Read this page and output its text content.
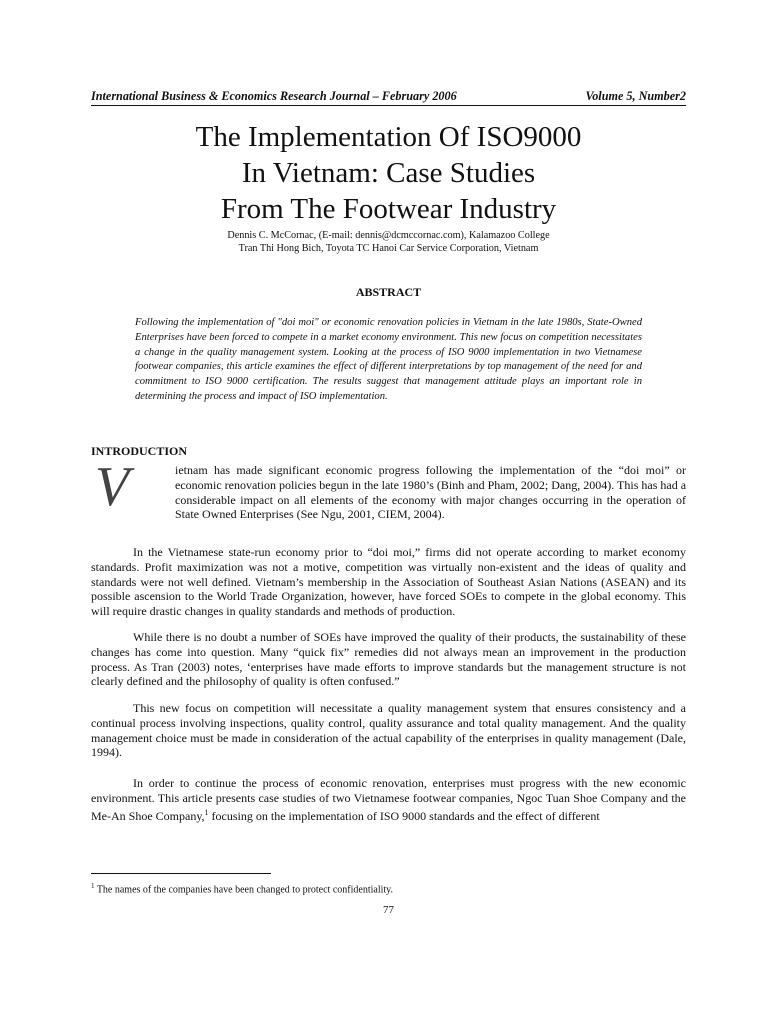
International Business & Economics Research Journal – February 2006	Volume 5, Number2
The Implementation Of ISO9000
In Vietnam: Case Studies
From The Footwear Industry
Dennis C. McCornac, (E-mail: dennis@dcmccornac.com), Kalamazoo College
Tran Thi Hong Bich, Toyota TC Hanoi Car Service Corporation, Vietnam
ABSTRACT
Following the implementation of "doi moi" or economic renovation policies in Vietnam in the late 1980s, State-Owned Enterprises have been forced to compete in a market economy environment. This new focus on competition necessitates a change in the quality management system. Looking at the process of ISO 9000 implementation in two Vietnamese footwear companies, this article examines the effect of different interpretations by top management of the need for and commitment to ISO 9000 certification. The results suggest that management attitude plays an important role in determining the process and impact of ISO implementation.
INTRODUCTION
V	ietnam has made significant economic progress following the implementation of the “doi moi” or economic renovation policies begun in the late 1980’s (Binh and Pham, 2002; Dang, 2004). This has had a considerable impact on all elements of the economy with major changes occurring in the operation of State Owned Enterprises (See Ngu, 2001, CIEM, 2004).
In the Vietnamese state-run economy prior to “doi moi,” firms did not operate according to market economy standards. Profit maximization was not a motive, competition was virtually non-existent and the ideas of quality and standards were not well defined. Vietnam’s membership in the Association of Southeast Asian Nations (ASEAN) and its possible ascension to the World Trade Organization, however, have forced SOEs to compete in the global economy. This will require drastic changes in quality standards and methods of production.
While there is no doubt a number of SOEs have improved the quality of their products, the sustainability of these changes has come into question. Many “quick fix” remedies did not always mean an improvement in the production process. As Tran (2003) notes, ‘enterprises have made efforts to improve standards but the management structure is not clearly defined and the philosophy of quality is often confused.”
This new focus on competition will necessitate a quality management system that ensures consistency and a continual process involving inspections, quality control, quality assurance and total quality management. And the quality management choice must be made in consideration of the actual capability of the enterprises in quality management (Dale, 1994).
In order to continue the process of economic renovation, enterprises must progress with the new economic environment. This article presents case studies of two Vietnamese footwear companies, Ngoc Tuan Shoe Company and the Me-An Shoe Company,$^1$ focusing on the implementation of ISO 9000 standards and the effect of different
$^1$ The names of the companies have been changed to protect confidentiality.
77
